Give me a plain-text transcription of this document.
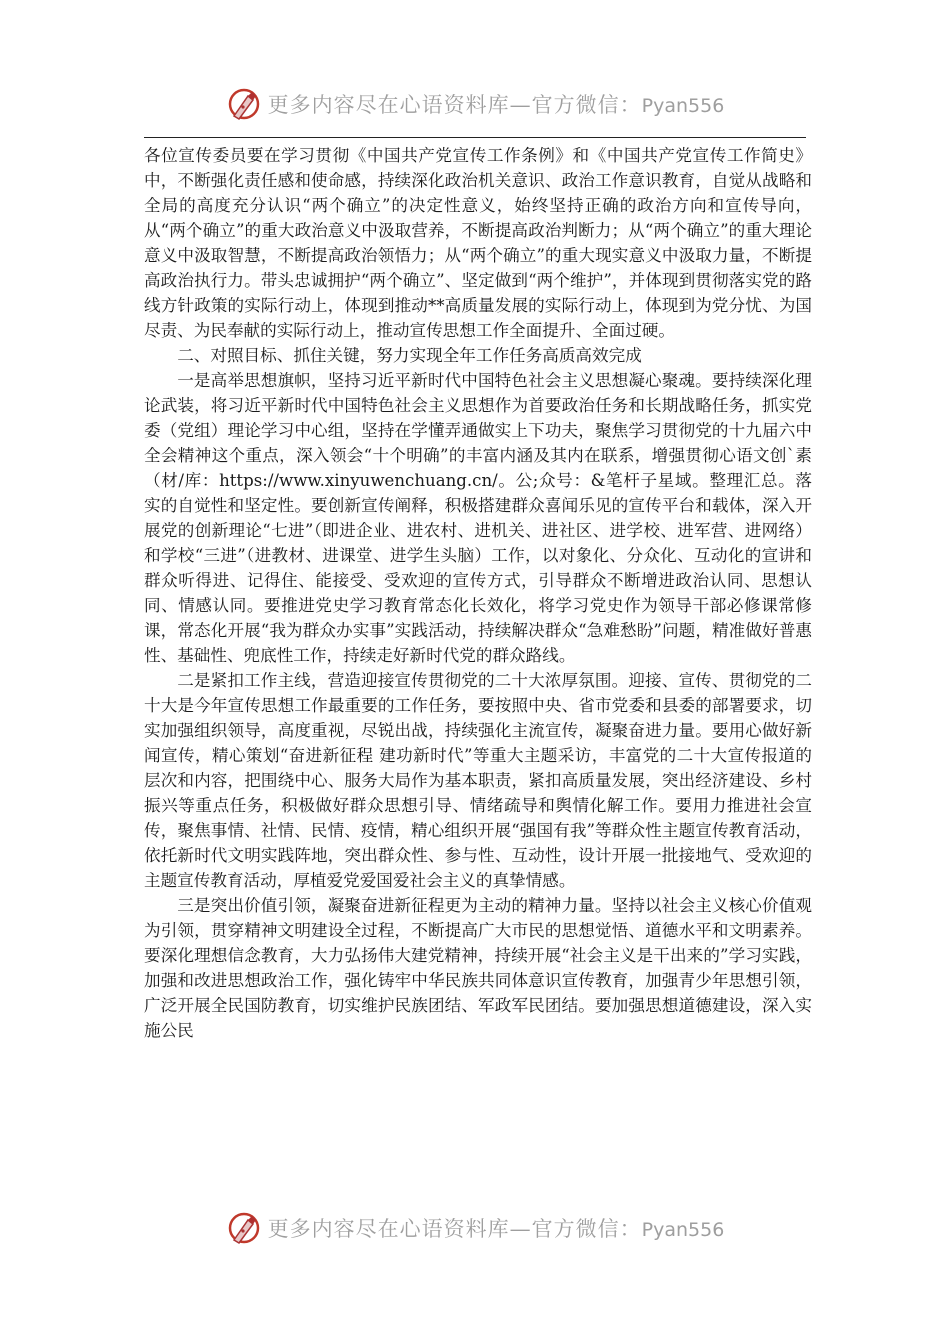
更多内容尽在心语资料库—官方微信：Pyan556

各位宣传委员要在学习贯彻《中国共产党宣传工作条例》和《中国共产党宣传工作简史》中，不断强化责任感和使命感，持续深化政治机关意识、政治工作意识教育，自觉从战略和全局的高度充分认识“两个确立”的决定性意义，始终坚持正确的政治方向和宣传导向，从“两个确立”的重大政治意义中汲取营养，不断提高政治判断力；从“两个确立”的重大理论意义中汲取智慧，不断提高政治领悟力；从“两个确立”的重大现实意义中汲取力量，不断提高政治执行力。带头忠诚拥护“两个确立”、坚定做到“两个维护”，并体现到贯彻落实党的路线方针政策的实际行动上，体现到推动**高质量发展的实际行动上，体现到为党分忧、为国尽责、为民奉献的实际行动上，推动宣传思想工作全面提升、全面过硬。

二、对照目标、抓住关键，努力实现全年工作任务高质高效完成

一是高举思想旗帜，坚持习近平新时代中国特色社会主义思想凝心聚魂。要持续深化理论武装，将习近平新时代中国特色社会主义思想作为首要政治任务和长期战略任务，抓实党委（党组）理论学习中心组，坚持在学懂弄通做实上下功夫，聚焦学习贯彻党的十九届六中全会精神这个重点，深入领会“十个明确”的丰富内涵及其内在联系，增强贯彻心语文创`素（材/库：https://www.xinyuwenchuang.cn/。公;众号：&笔杆子星域。整理汇总。落实的自觉性和坚定性。要创新宣传阐释，积极搭建群众喜闻乐见的宣传平台和载体，深入开展党的创新理论“七进”（即进企业、进农村、进机关、进社区、进学校、进军营、进网络）和学校“三进”（进教材、进课堂、进学生头脑）工作，以对象化、分众化、互动化的宣讲和群众听得进、记得住、能接受、受欢迎的宣传方式，引导群众不断增进政治认同、思想认同、情感认同。要推进党史学习教育常态化长效化，将学习党史作为领导干部必修课常修课，常态化开展“我为群众办实事”实践活动，持续解决群众“急难愁盼”问题，精准做好普惠性、基础性、兜底性工作，持续走好新时代党的群众路线。

二是紧扣工作主线，营造迎接宣传贯彻党的二十大浓厚氛围。迎接、宣传、贯彻党的二十大是今年宣传思想工作最重要的工作任务，要按照中央、省市党委和县委的部署要求，切实加强组织领导，高度重视，尽锐出战，持续强化主流宣传，凝聚奋进力量。要用心做好新闻宣传，精心策划“奋进新征程 建功新时代”等重大主题采访，丰富党的二十大宣传报道的层次和内容，把围绕中心、服务大局作为基本职责，紧扣高质量发展，突出经济建设、乡村振兴等重点任务，积极做好群众思想引导、情绪疏导和舆情化解工作。要用力推进社会宣传，聚焦事情、社情、民情、疫情，精心组织开展“强国有我”等群众性主题宣传教育活动，依托新时代文明实践阵地，突出群众性、参与性、互动性，设计开展一批接地气、受欢迎的主题宣传教育活动，厚植爱党爱国爱社会主义的真挚情感。

三是突出价值引领，凝聚奋进新征程更为主动的精神力量。坚持以社会主义核心价值观为引领，贯穿精神文明建设全过程，不断提高广大市民的思想觉悟、道德水平和文明素养。要深化理想信念教育，大力弘扬伟大建党精神，持续开展“社会主义是干出来的”学习实践，加强和改进思想政治工作，强化铸牢中华民族共同体意识宣传教育，加强青少年思想引领，广泛开展全民国防教育，切实维护民族团结、军政军民团结。要加强思想道德建设，深入实施公民

更多内容尽在心语资料库—官方微信：Pyan556
